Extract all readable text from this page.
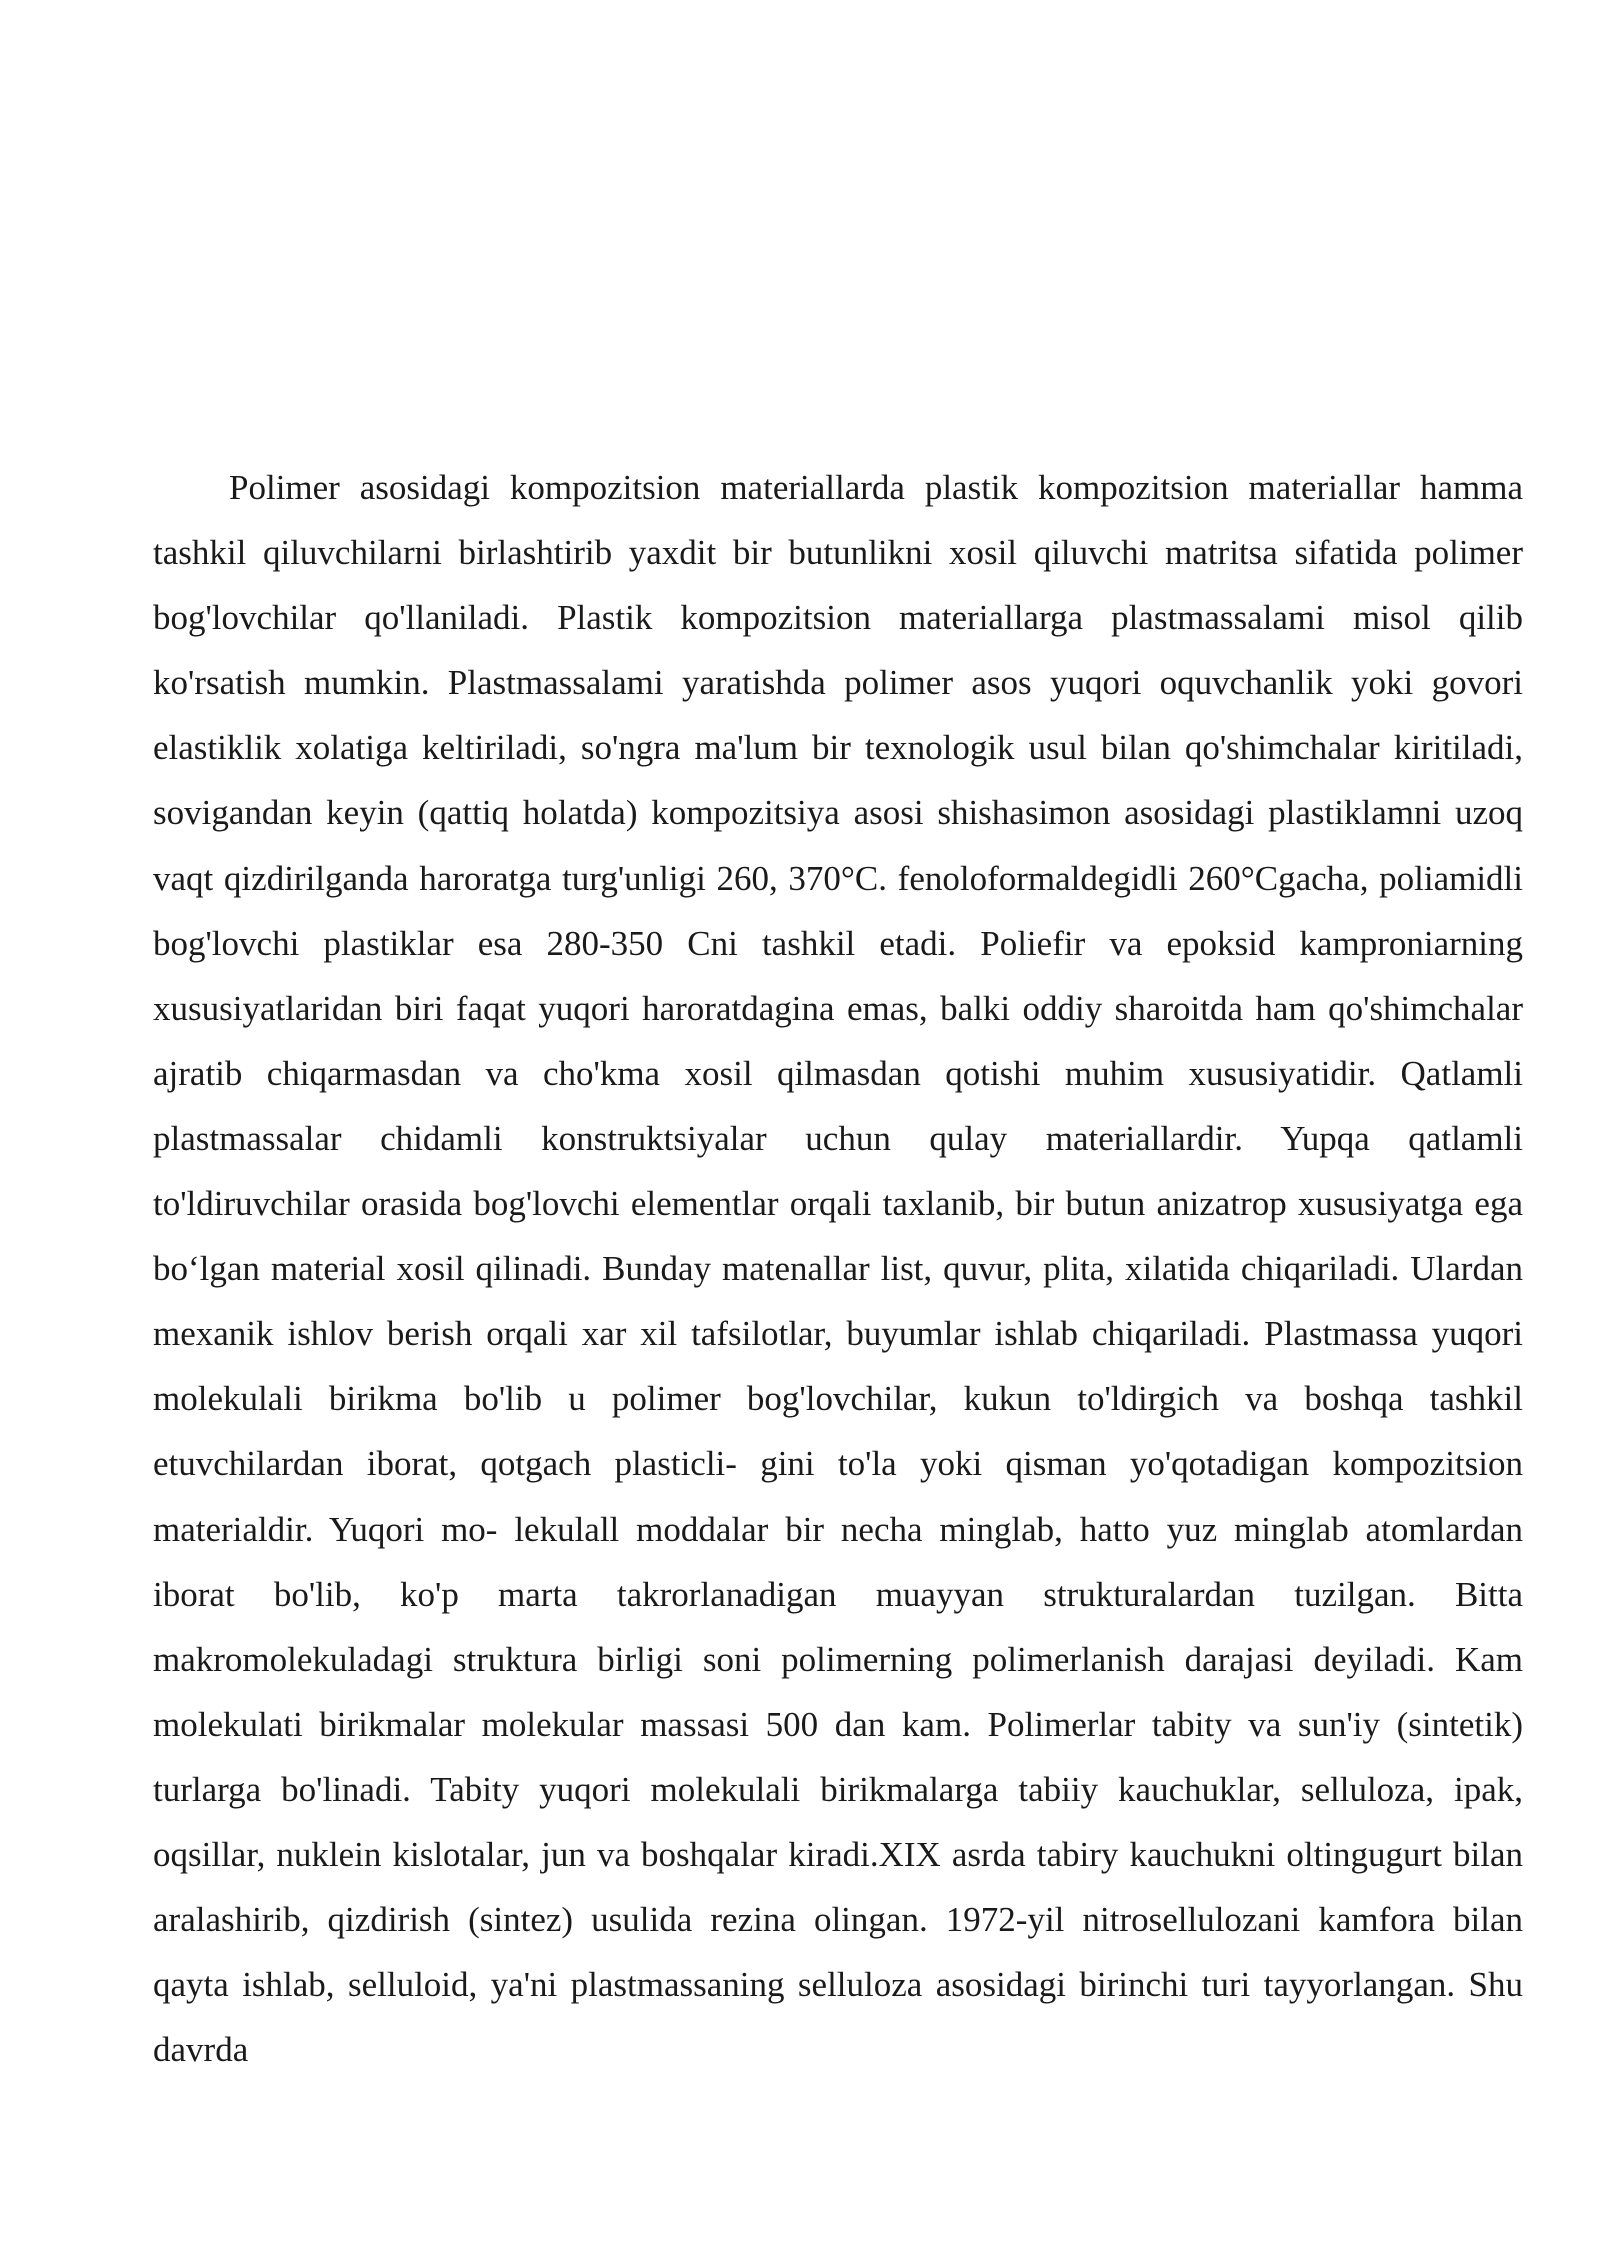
Polimer asosidagi kompozitsion materiallarda plastik kompozitsion materiallar hamma tashkil qiluvchilarni birlashtirib yaxdit bir butunlikni xosil qiluvchi matritsa sifatida polimer bog'lovchilar qo'llaniladi. Plastik kompozitsion materiallarga plastmassalami misol qilib ko'rsatish mumkin. Plastmassalami yaratishda polimer asos yuqori oquvchanlik yoki govori elastiklik xolatiga keltiriladi, so'ngra ma'lum bir texnologik usul bilan qo'shimchalar kiritiladi, sovigandan keyin (qattiq holatda) kompozitsiya asosi shishasimon asosidagi plastiklamni uzoq vaqt qizdirilganda haroratga turg'unligi 260, 370°C. fenoloformaldegidli 260°Cgacha, poliamidli bog'lovchi plastiklar esa 280-350 Cni tashkil etadi. Poliefir va epoksid kamproniarning xususiyatlaridan biri faqat yuqori haroratdagina emas, balki oddiy sharoitda ham qo'shimchalar ajratib chiqarmasdan va cho'kma xosil qilmasdan qotishi muhim xususiyatidir. Qatlamli plastmassalar chidamli konstruktsiyalar uchun qulay materiallardir. Yupqa qatlamli to'ldiruvchilar orasida bog'lovchi elementlar orqali taxlanib, bir butun anizatrop xususiyatga ega bo‘lgan material xosil qilinadi. Bunday matenallar list, quvur, plita, xilatida chiqariladi. Ulardan mexanik ishlov berish orqali xar xil tafsilotlar, buyumlar ishlab chiqariladi. Plastmassa yuqori molekulali birikma bo'lib u polimer bog'lovchilar, kukun to'ldirgich va boshqa tashkil etuvchilardan iborat, qotgach plasticli- gini to'la yoki qisman yo'qotadigan kompozitsion materialdir. Yuqori mo- lekulall moddalar bir necha minglab, hatto yuz minglab atomlardan iborat bo'lib, ko'p marta takrorlanadigan muayyan strukturalardan tuzilgan. Bitta makromolekuladagi struktura birligi soni polimerning polimerlanish darajasi deyiladi. Kam molekulati birikmalar molekular massasi 500 dan kam. Polimerlar tabity va sun'iy (sintetik) turlarga bo'linadi. Tabity yuqori molekulali birikmalarga tabiiy kauchuklar, selluloza, ipak, oqsillar, nuklein kislotalar, jun va boshqalar kiradi.XIX asrda tabiry kauchukni oltingugurt bilan aralashirib, qizdirish (sintez) usulida rezina olingan. 1972-yil nitrosellulozani kamfora bilan qayta ishlab, selluloid, ya'ni plastmassaning selluloza asosidagi birinchi turi tayyorlangan. Shu davrda
